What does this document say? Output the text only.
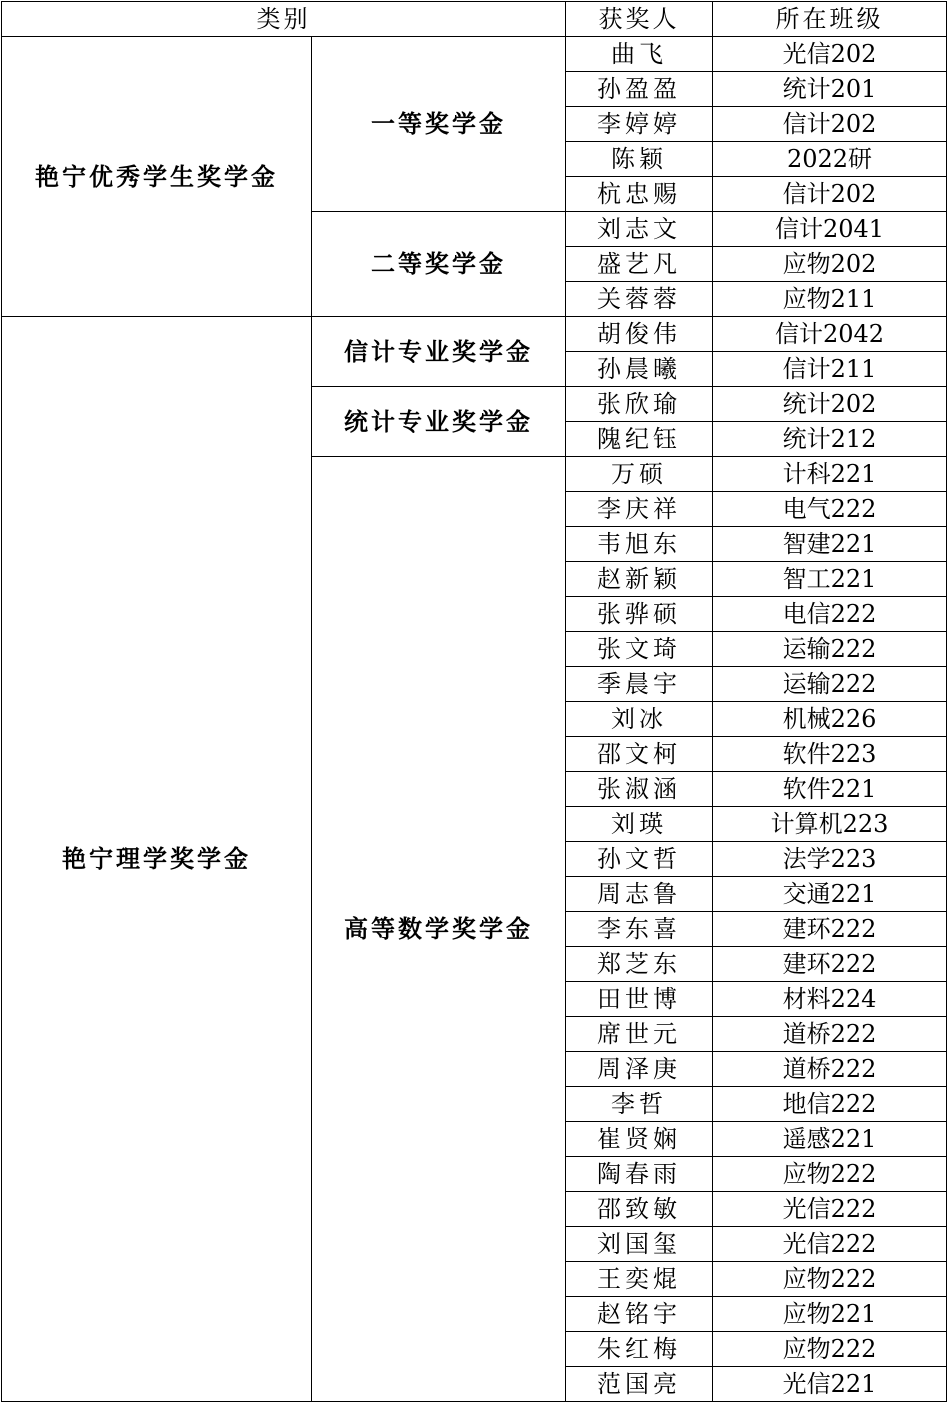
类别		获奖人	所在班级
艳宁优秀学生奖学金	一等奖学金	曲飞	光信202
		孙盈盈	统计201
		李婷婷	信计202
		陈颖	2022研
		杭忠赐	信计202
	二等奖学金	刘志文	信计2041
		盛艺凡	应物202
		关蓉蓉	应物211
艳宁理学奖学金	信计专业奖学金	胡俊伟	信计2042
		孙晨曦	信计211
	统计专业奖学金	张欣瑜	统计202
		隗纪钰	统计212
	高等数学奖学金	万硕	计科221
		李庆祥	电气222
		韦旭东	智建221
		赵新颖	智工221
		张骅硕	电信222
		张文琦	运输222
		季晨宇	运输222
		刘冰	机械226
		邵文柯	软件223
		张淑涵	软件221
		刘瑛	计算机223
		孙文哲	法学223
		周志鲁	交通221
		李东喜	建环222
		郑芝东	建环222
		田世博	材料224
		席世元	道桥222
		周泽庚	道桥222
		李哲	地信222
		崔贤娴	遥感221
		陶春雨	应物222
		邵致敏	光信222
		刘国玺	光信222
		王奕焜	应物222
		赵铭宇	应物221
		朱红梅	应物222
		范国亮	光信221
